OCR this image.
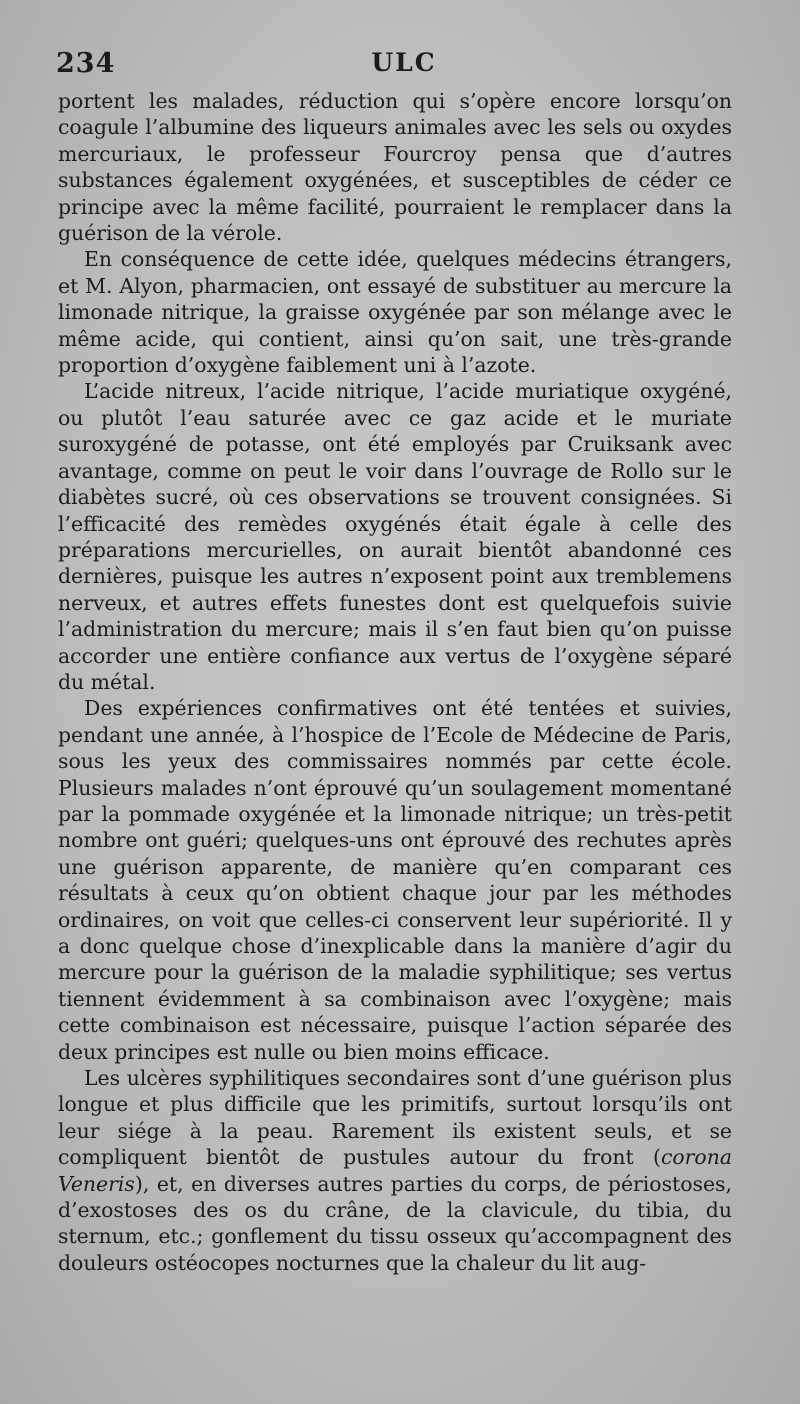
234	ULC

portent les malades, réduction qui s’opère encore lorsqu’on coagule l’albumine des liqueurs animales avec les sels ou oxydes mercuriaux, le professeur Fourcroy pensa que d’autres substances également oxygénées, et susceptibles de céder ce principe avec la même facilité, pourraient le remplacer dans la guérison de la vérole.

En conséquence de cette idée, quelques médecins étrangers, et M. Alyon, pharmacien, ont essayé de substituer au mercure la limonade nitrique, la graisse oxygénée par son mélange avec le même acide, qui contient, ainsi qu’on sait, une très-grande proportion d’oxygène faiblement uni à l’azote.

L’acide nitreux, l’acide nitrique, l’acide muriatique oxygéné, ou plutôt l’eau saturée avec ce gaz acide et le muriate suroxygéné de potasse, ont été employés par Cruiksank avec avantage, comme on peut le voir dans l’ouvrage de Rollo sur le diabètes sucré, où ces observations se trouvent consignées. Si l’efficacité des remèdes oxygénés était égale à celle des préparations mercurielles, on aurait bientôt abandonné ces dernières, puisque les autres n’exposent point aux tremblemens nerveux, et autres effets funestes dont est quelquefois suivie l’administration du mercure; mais il s’en faut bien qu’on puisse accorder une entière confiance aux vertus de l’oxygène séparé du métal.

Des expériences confirmatives ont été tentées et suivies, pendant une année, à l’hospice de l’Ecole de Médecine de Paris, sous les yeux des commissaires nommés par cette école. Plusieurs malades n’ont éprouvé qu’un soulagement momentané par la pommade oxygénée et la limonade nitrique; un très-petit nombre ont guéri; quelques-uns ont éprouvé des rechutes après une guérison apparente, de manière qu’en comparant ces résultats à ceux qu’on obtient chaque jour par les méthodes ordinaires, on voit que celles-ci conservent leur supériorité. Il y a donc quelque chose d’inexplicable dans la manière d’agir du mercure pour la guérison de la maladie syphilitique; ses vertus tiennent évidemment à sa combinaison avec l’oxygène; mais cette combinaison est nécessaire, puisque l’action séparée des deux principes est nulle ou bien moins efficace.

Les ulcères syphilitiques secondaires sont d’une guérison plus longue et plus difficile que les primitifs, surtout lorsqu’ils ont leur siége à la peau. Rarement ils existent seuls, et se compliquent bientôt de pustules autour du front (corona Veneris), et, en diverses autres parties du corps, de périostoses, d’exostoses des os du crâne, de la clavicule, du tibia, du sternum, etc.; gonflement du tissu osseux qu’accompagnent des douleurs ostéocopes nocturnes que la chaleur du lit aug-
